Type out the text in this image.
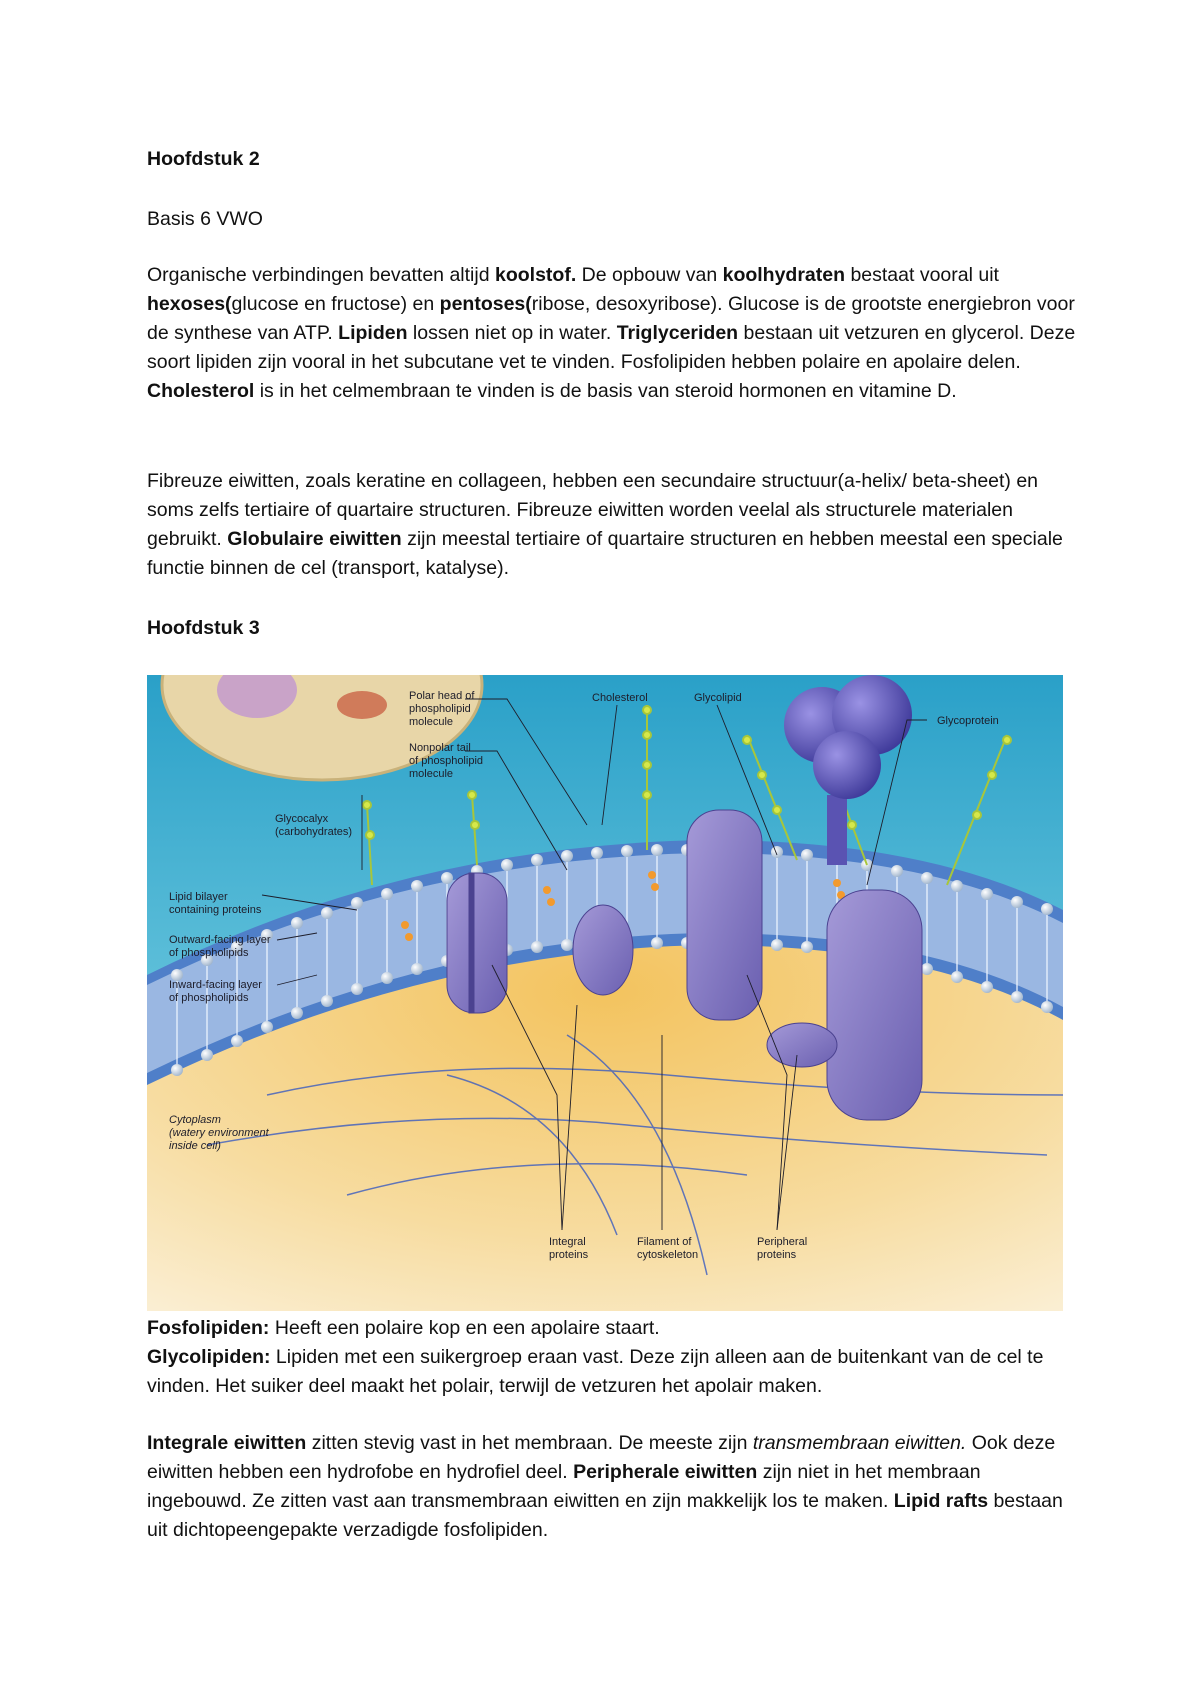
Hoofdstuk 2
Basis 6 VWO

Organische verbindingen bevatten altijd koolstof. De opbouw van koolhydraten bestaat vooral uit hexoses(glucose en fructose) en pentoses(ribose, desoxyribose). Glucose is de grootste energiebron voor de synthese van ATP. Lipiden lossen niet op in water. Triglyceriden bestaan uit vetzuren en glycerol. Deze soort lipiden zijn vooral in het subcutane vet te vinden. Fosfolipiden hebben polaire en apolaire delen. Cholesterol is in het celmembraan te vinden is de basis van steroid hormonen en vitamine D.

Fibreuze eiwitten, zoals keratine en collageen, hebben een secundaire structuur(a-helix/ beta-sheet) en soms zelfs tertiaire of quartaire structuren. Fibreuze eiwitten worden veelal als structurele materialen gebruikt. Globulaire eiwitten zijn meestal tertiaire of quartaire structuren en hebben meestal een speciale functie binnen de cel (transport, katalyse).

Hoofdstuk 3
Polar head of
phospholipid
molecule
Nonpolar tail
of phospholipid
molecule
Cholesterol	Glycolipid
Glycoprotein
Glycocalyx
(carbohydrates)
Lipid bilayer
containing proteins
Outward-facing layer
of phospholipids
Inward-facing layer
of phospholipids
Cytoplasm
(watery environment
inside cell)
Integral
proteins
Filament of
cytoskeleton
Peripheral
proteins

Fosfolipiden: Heeft een polaire kop en een apolaire staart.

Glycolipiden: Lipiden met een suikergroep eraan vast. Deze zijn alleen aan de buitenkant van de cel te vinden. Het suiker deel maakt het polair, terwijl de vetzuren het apolair maken.

Integrale eiwitten zitten stevig vast in het membraan. De meeste zijn transmembraan eiwitten. Ook deze eiwitten hebben een hydrofobe en hydrofiel deel. Peripherale eiwitten zijn niet in het membraan ingebouwd. Ze zitten vast aan transmembraan eiwitten en zijn makkelijk los te maken. Lipid rafts bestaan uit dichtopeengepakte verzadigde fosfolipiden.
